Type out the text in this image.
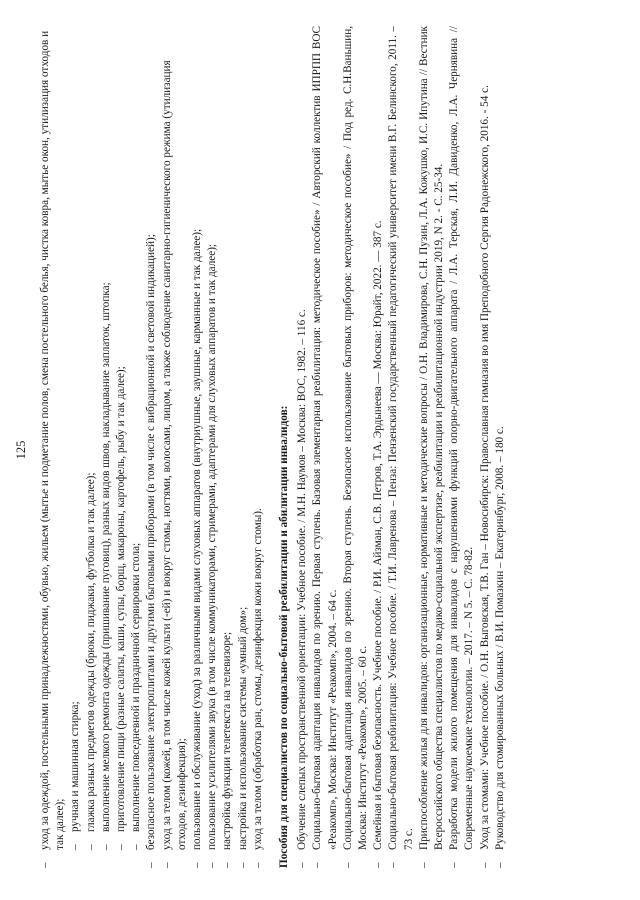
125 – уход за одеждой, постельными принадлежностями, обувью, жильем (мытье и подметание полов, смена постельного белья, чистка ковра, мытье окон, утилизация отходов и так далее); – ручная и машинная стирка; – глажка разных предметов одежды (брюки, пиджаки, футболка и так далее); – выполнение мелкого ремонта одежды (пришивание пуговиц), разных видов швов, накладывание заплаток, штопка; – приготовление пищи (разные салаты, каши, супы, борщ, макароны, картофель, рыбу и так далее); – выполнение повседневной и праздничной сервировки стола; – безопасное пользование электроплитами и другими бытовыми приборами (в том числе с вибрационной и световой индикацией); – уход за телом (кожей, в том числе кожей культи (-ей) и вокруг стомы, ногтями, волосами, лицом, а также соблюдение санитарно-гигиенического режима (утилизация отходов, дезинфекция); – пользование и обслуживание (уход) за различными видами слуховых аппаратов (внутриушные, заушные, карманные и так далее); – пользование усилителями звука (в том числе коммуникаторами, стримерами, адаптерами для слуховых аппаратов и так далее); – настройка функции телетекста на телевизоре; – настройка и использование системы «умный дом»; – уход за телом (обработка ран, стомы, дезинфекция кожи вокруг стомы). Пособия для специалистов по социально-бытовой реабилитации и абилитации инвалидов: – Обучение слепых пространственной ориентации: Учебное пособие. / М.Н. Наумов – Москва: ВОС, 1982. – 116 с. – Социально-бытовая адаптация инвалидов по зрению. Первая ступень. Базовая элементарная реабилитация: методическое пособие» / Авторский коллектив ИПРПП ВОС «Реакомп», Москва: Институт «Реакомп», 2004. – 64 с. – Социально-бытовая адаптация инвалидов по зрению. Вторая ступень. Безопасное использование бытовых приборов: методическое пособие» / Под ред. С.Н.Ваньшин, Москва: Институт «Реакомп», 2005. – 60 с. – Семейная и бытовая безопасность. Учебное пособие. / Р.И. Айзман, С.В. Петров, Т.А. Эрдынеева — Москва: Юрайт, 2022. — 387 с. – Социально-бытовая реабилитация: Учебное пособие. / Т.И. Лавренова – Пенза: Пензенский государственный педагогический университет имени В.Г. Белинского, 2011. – 73 с. – Приспособление жилья для инвалидов: организационные, нормативные и методические вопросы / О.Н. Владимирова, С.Н. Пузин, Л.А. Кожушко, И.С. Ипутина // Вестник Всероссийского общества специалистов по медико-социальной экспертизе, реабилитации и реабилитационной индустрии 2019, N 2. - С. 25-34. – Разработка модели жилого помещения для инвалидов с нарушениями функций опорно-двигательного аппарата / Л.А. Терская, Л.И. Давиденко, Л.А. Чернявина // Современные наукоемкие технологии. – 2017. – N 5. – С. 78-82. – Уход за стомами: Учебное пособие. / О.Н. Выговская, Т.В. Ган – Новосибирск: Православная гимназия во имя Преподобного Сергия Радонежского, 2016. - 54 с. – Руководство для стомированных больных / В.И. Помазкин – Екатеринбург, 2008. – 180 с.
